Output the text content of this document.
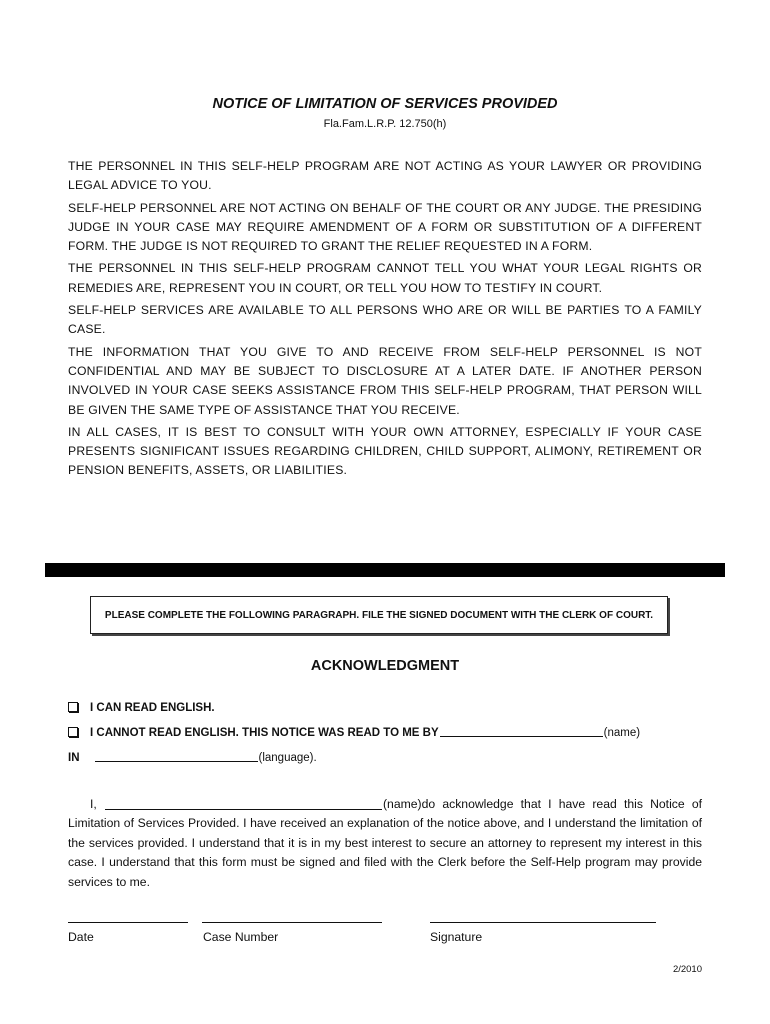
NOTICE OF LIMITATION OF SERVICES PROVIDED
Fla.Fam.L.R.P. 12.750(h)

THE PERSONNEL IN THIS SELF-HELP PROGRAM ARE NOT ACTING AS YOUR LAWYER OR PROVIDING LEGAL ADVICE TO YOU.

SELF-HELP PERSONNEL ARE NOT ACTING ON BEHALF OF THE COURT OR ANY JUDGE. THE PRESIDING JUDGE IN YOUR CASE MAY REQUIRE AMENDMENT OF A FORM OR SUBSTITUTION OF A DIFFERENT FORM. THE JUDGE IS NOT REQUIRED TO GRANT THE RELIEF REQUESTED IN A FORM.

THE PERSONNEL IN THIS SELF-HELP PROGRAM CANNOT TELL YOU WHAT YOUR LEGAL RIGHTS OR REMEDIES ARE, REPRESENT YOU IN COURT, OR TELL YOU HOW TO TESTIFY IN COURT.

SELF-HELP SERVICES ARE AVAILABLE TO ALL PERSONS WHO ARE OR WILL BE PARTIES TO A FAMILY CASE.

THE INFORMATION THAT YOU GIVE TO AND RECEIVE FROM SELF-HELP PERSONNEL IS NOT CONFIDENTIAL AND MAY BE SUBJECT TO DISCLOSURE AT A LATER DATE. IF ANOTHER PERSON INVOLVED IN YOUR CASE SEEKS ASSISTANCE FROM THIS SELF-HELP PROGRAM, THAT PERSON WILL BE GIVEN THE SAME TYPE OF ASSISTANCE THAT YOU RECEIVE.

IN ALL CASES, IT IS BEST TO CONSULT WITH YOUR OWN ATTORNEY, ESPECIALLY IF YOUR CASE PRESENTS SIGNIFICANT ISSUES REGARDING CHILDREN, CHILD SUPPORT, ALIMONY, RETIREMENT OR PENSION BENEFITS, ASSETS, OR LIABILITIES.

PLEASE COMPLETE THE FOLLOWING PARAGRAPH. FILE THE SIGNED DOCUMENT WITH THE CLERK OF COURT.
ACKNOWLEDGMENT
I CAN READ ENGLISH.
I CANNOT READ ENGLISH. THIS NOTICE WAS READ TO ME BY	(name)
IN	(language).

I,	(name)do acknowledge that I have read this Notice of Limitation of Services Provided. I have received an explanation of the notice above, and I understand the limitation of the services provided. I understand that it is in my best interest to secure an attorney to represent my interest in this case. I understand that this form must be signed and filed with the Clerk before the Self-Help program may provide services to me.

Date	Case Number	Signature
2/2010
